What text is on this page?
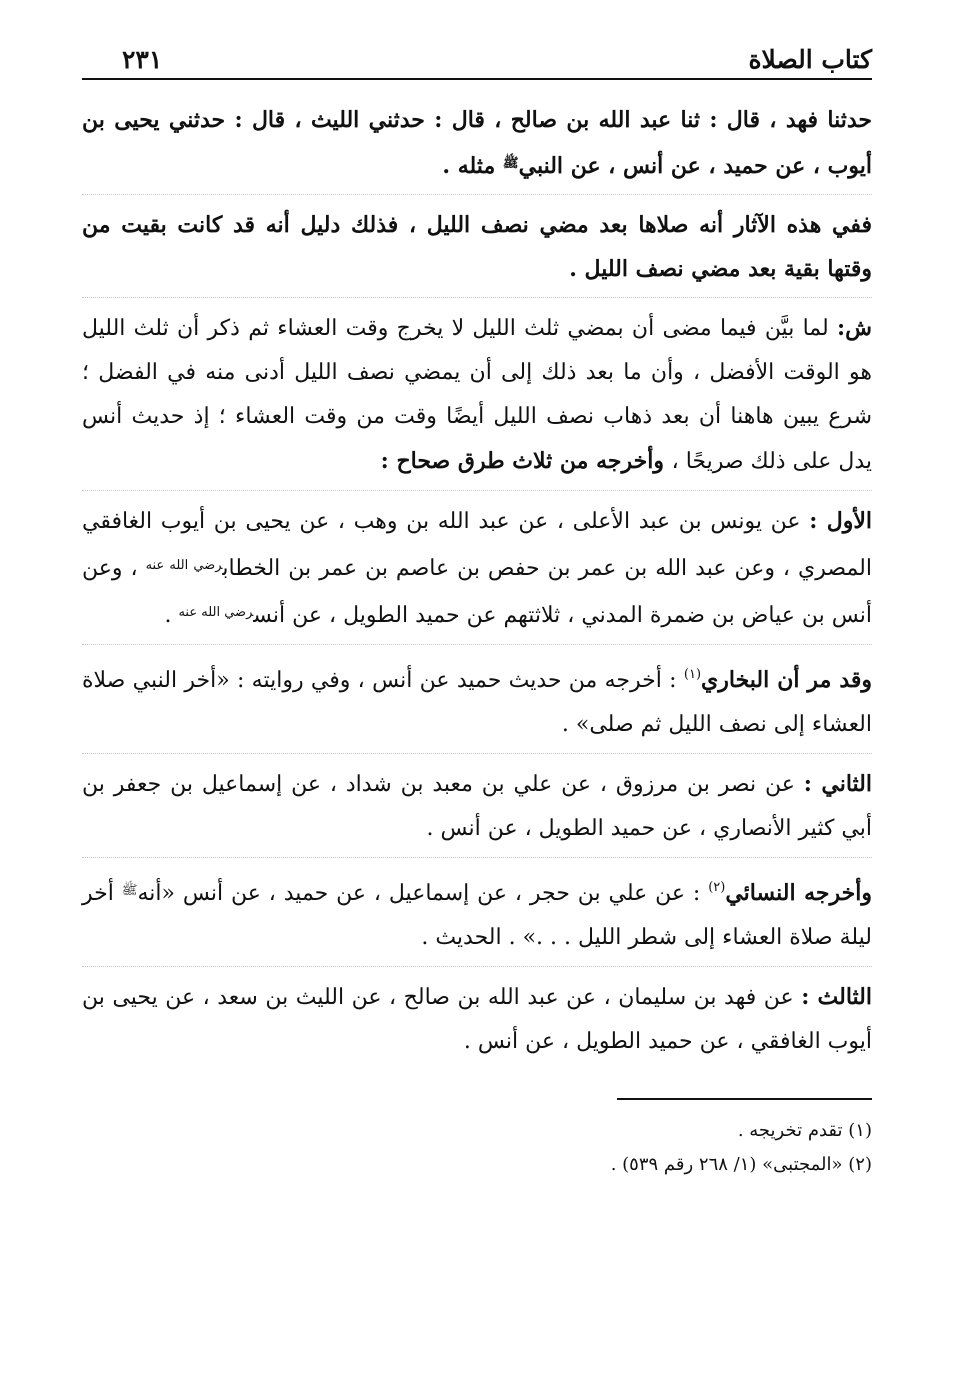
كتاب الصلاة
٢٣١

حدثنا فهد ، قال : ثنا عبد الله بن صالح ، قال : حدثني الليث ، قال : حدثني يحيى بن أيوب ، عن حميد ، عن أنس ، عن النبي$^ﷺ$ مثله .

ففي هذه الآثار أنه صلاها بعد مضي نصف الليل ، فذلك دليل أنه قد كانت بقيت من وقتها بقية بعد مضي نصف الليل .

ش: لما بيَّن فيما مضى أن بمضي ثلث الليل لا يخرج وقت العشاء ثم ذكر أن ثلث الليل هو الوقت الأفضل ، وأن ما بعد ذلك إلى أن يمضي نصف الليل أدنى منه في الفضل ؛ شرع يبين هاهنا أن بعد ذهاب نصف الليل أيضًا وقت من وقت العشاء ؛ إذ حديث أنس يدل على ذلك صريحًا ، وأخرجه من ثلاث طرق صحاح :

الأول : عن يونس بن عبد الأعلى ، عن عبد الله بن وهب ، عن يحيى بن أيوب الغافقي المصري ، وعن عبد الله بن عمر بن حفص بن عاصم بن عمر بن الخطاب$^{رضي الله عنه}$ ، وعن أنس بن عياض بن ضمرة المدني ، ثلاثتهم عن حميد الطويل ، عن أنس$^{رضي الله عنه}$ .

وقد مر أن البخاري$^{(١)}$ : أخرجه من حديث حميد عن أنس ، وفي روايته : «أخر النبي صلاة العشاء إلى نصف الليل ثم صلى» .

الثاني : عن نصر بن مرزوق ، عن علي بن معبد بن شداد ، عن إسماعيل بن جعفر بن أبي كثير الأنصاري ، عن حميد الطويل ، عن أنس .

وأخرجه النسائي$^{(٢)}$ : عن علي بن حجر ، عن إسماعيل ، عن حميد ، عن أنس «أنه$^ﷺ$ أخر ليلة صلاة العشاء إلى شطر الليل . . .» . الحديث .

الثالث : عن فهد بن سليمان ، عن عبد الله بن صالح ، عن الليث بن سعد ، عن يحيى بن أيوب الغافقي ، عن حميد الطويل ، عن أنس .

(١) تقدم تخريجه .
(٢) «المجتبى» (١/ ٢٦٨ رقم ٥٣٩) .
